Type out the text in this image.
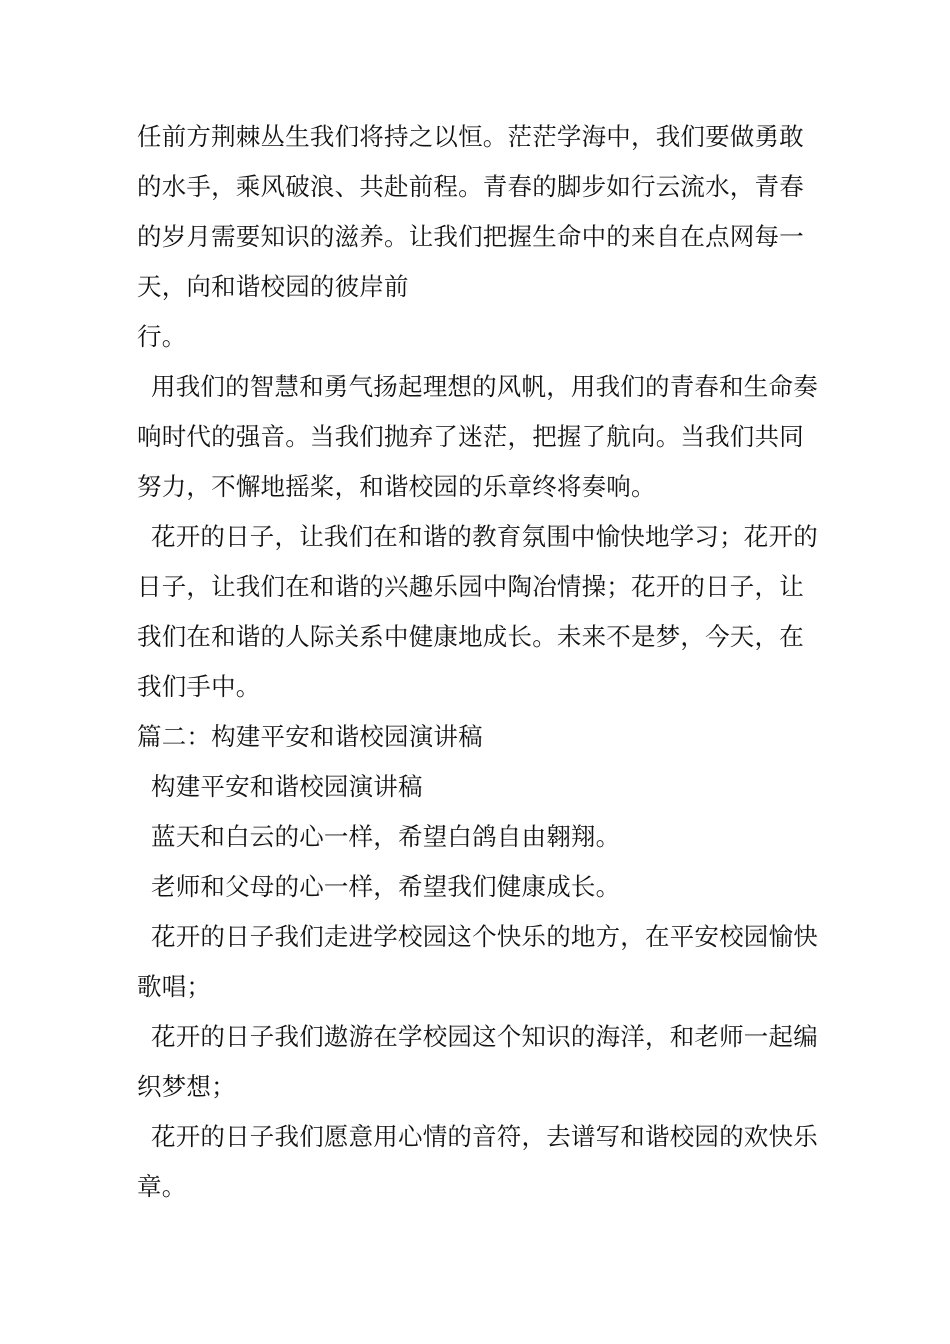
任前方荆棘丛生我们将持之以恒。茫茫学海中，我们要做勇敢
的水手，乘风破浪、共赴前程。青春的脚步如行云流水，青春
的岁月需要知识的滋养。让我们把握生命中的来自在点网每一
天，向和谐校园的彼岸前
行。
用我们的智慧和勇气扬起理想的风帆，用我们的青春和生命奏
响时代的强音。当我们抛弃了迷茫，把握了航向。当我们共同
努力，不懈地摇桨，和谐校园的乐章终将奏响。
花开的日子，让我们在和谐的教育氛围中愉快地学习；花开的
日子，让我们在和谐的兴趣乐园中陶冶情操；花开的日子，让
我们在和谐的人际关系中健康地成长。未来不是梦，今天，在
我们手中。
篇二：构建平安和谐校园演讲稿
构建平安和谐校园演讲稿
蓝天和白云的心一样，希望白鸽自由翱翔。
老师和父母的心一样，希望我们健康成长。
花开的日子我们走进学校园这个快乐的地方，在平安校园愉快
歌唱；
花开的日子我们遨游在学校园这个知识的海洋，和老师一起编
织梦想；
花开的日子我们愿意用心情的音符，去谱写和谐校园的欢快乐
章。
